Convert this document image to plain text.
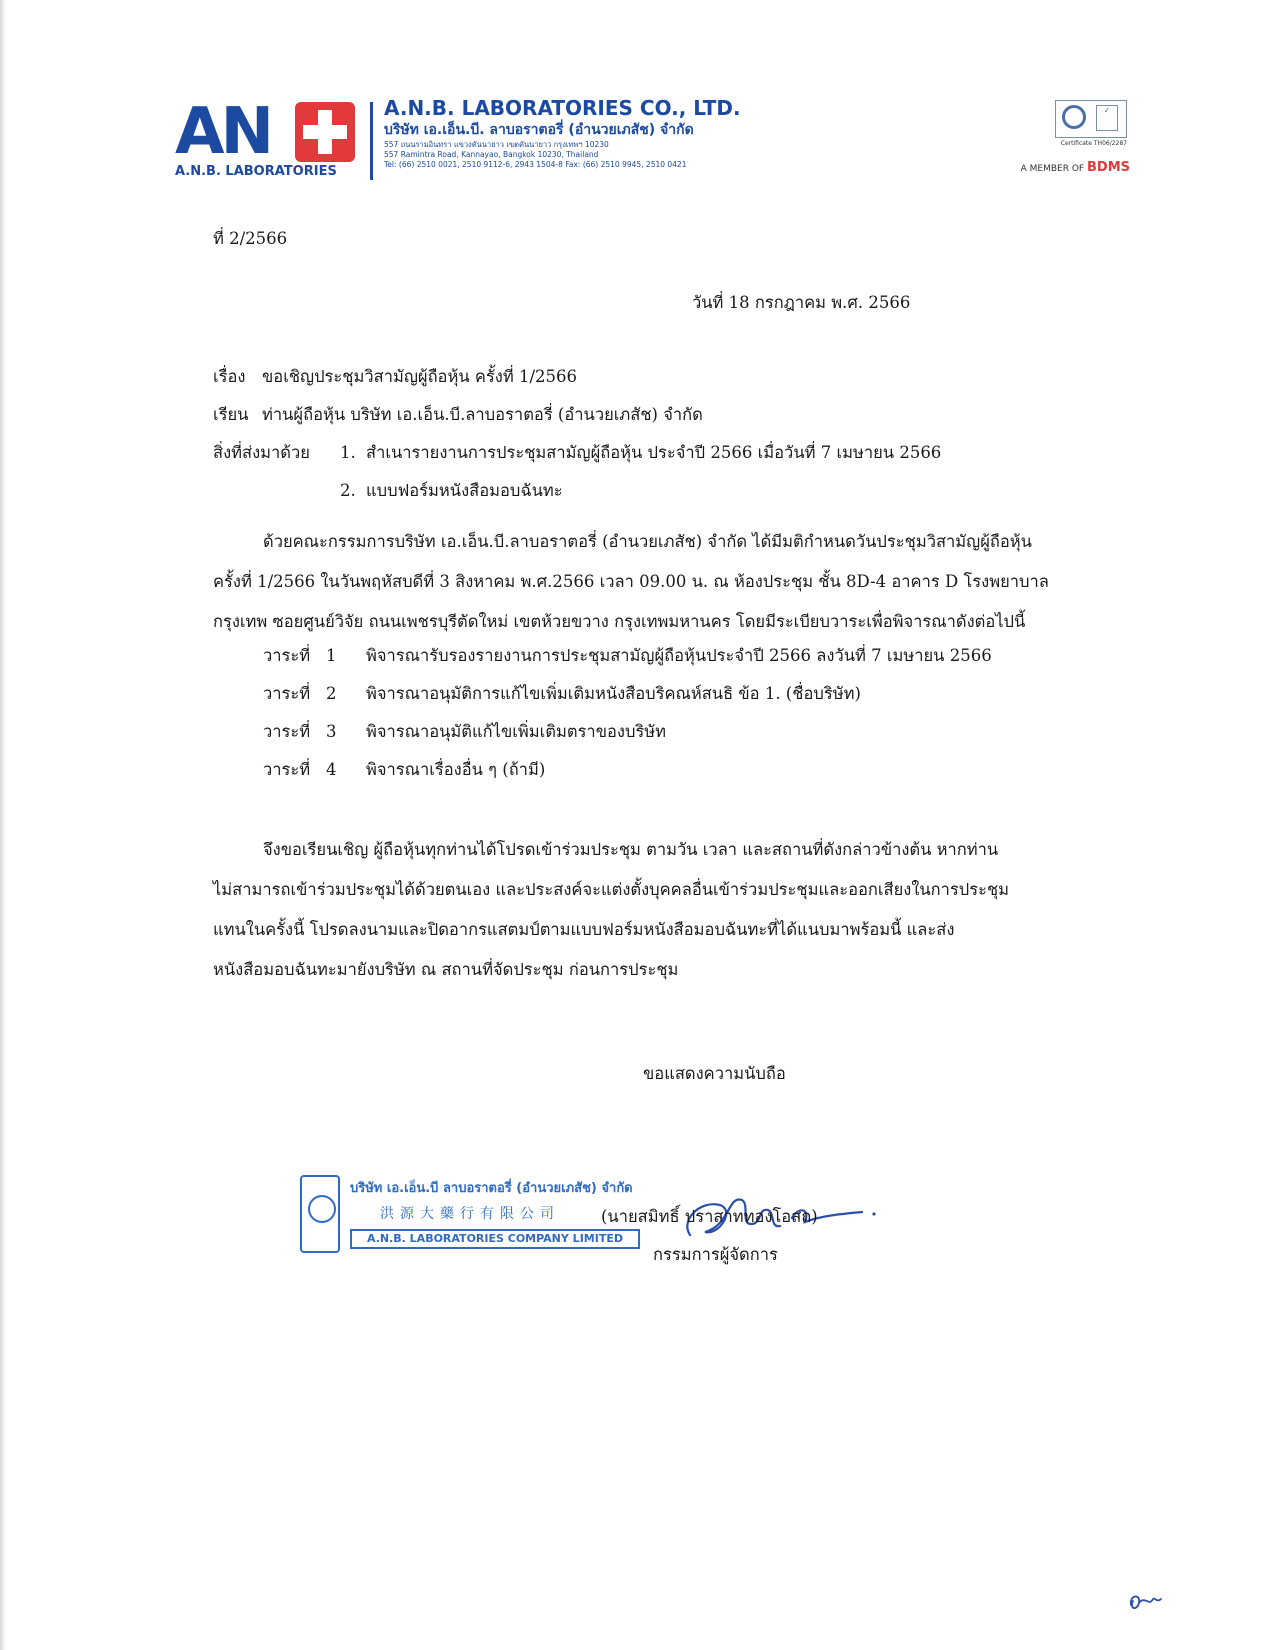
AN
A.N.B. LABORATORIES
A.N.B. LABORATORIES CO., LTD.
บริษัท เอ.เอ็น.บี. ลาบอราตอรี่ (อำนวยเภสัช) จำกัด
557 ถนนรามอินทรา แขวงคันนายาว เขตคันนายาว กรุงเทพฯ 10230
557 Ramintra Road, Kannayao, Bangkok 10230, Thailand
Tel: (66) 2510 0021, 2510 9112-6, 2943 1504-8 Fax: (66) 2510 9945, 2510 0421
✓
Certificate TH06/2287
A MEMBER OF BDMS
ที่ 2/2566
วันที่ 18 กรกฎาคม พ.ศ. 2566
เรื่อง ขอเชิญประชุมวิสามัญผู้ถือหุ้น ครั้งที่ 1/2566
เรียน ท่านผู้ถือหุ้น บริษัท เอ.เอ็น.บี.ลาบอราตอรี่ (อำนวยเภสัช) จำกัด
สิ่งที่ส่งมาด้วย 1. สำเนารายงานการประชุมสามัญผู้ถือหุ้น ประจำปี 2566 เมื่อวันที่ 7 เมษายน 2566
2. แบบฟอร์มหนังสือมอบฉันทะ
ด้วยคณะกรรมการบริษัท เอ.เอ็น.บี.ลาบอราตอรี่ (อำนวยเภสัช) จำกัด ได้มีมติกำหนดวันประชุมวิสามัญผู้ถือหุ้น
ครั้งที่ 1/2566 ในวันพฤหัสบดีที่ 3 สิงหาคม พ.ศ.2566 เวลา 09.00 น. ณ ห้องประชุม ชั้น 8D-4 อาคาร D โรงพยาบาล
กรุงเทพ ซอยศูนย์วิจัย ถนนเพชรบุรีตัดใหม่ เขตห้วยขวาง กรุงเทพมหานคร โดยมีระเบียบวาระเพื่อพิจารณาดังต่อไปนี้
วาระที่ 1 พิจารณารับรองรายงานการประชุมสามัญผู้ถือหุ้นประจำปี 2566 ลงวันที่ 7 เมษายน 2566
วาระที่ 2 พิจารณาอนุมัติการแก้ไขเพิ่มเติมหนังสือบริคณห์สนธิ ข้อ 1. (ชื่อบริษัท)
วาระที่ 3 พิจารณาอนุมัติแก้ไขเพิ่มเติมตราของบริษัท
วาระที่ 4 พิจารณาเรื่องอื่น ๆ (ถ้ามี)
จึงขอเรียนเชิญ ผู้ถือหุ้นทุกท่านได้โปรดเข้าร่วมประชุม ตามวัน เวลา และสถานที่ดังกล่าวข้างต้น หากท่าน
ไม่สามารถเข้าร่วมประชุมได้ด้วยตนเอง และประสงค์จะแต่งตั้งบุคคลอื่นเข้าร่วมประชุมและออกเสียงในการประชุม
แทนในครั้งนี้ โปรดลงนามและปิดอากรแสตมป์ตามแบบฟอร์มหนังสือมอบฉันทะที่ได้แนบมาพร้อมนี้ และส่ง
หนังสือมอบฉันทะมายังบริษัท ณ สถานที่จัดประชุม ก่อนการประชุม
ขอแสดงความนับถือ
บริษัท เอ.เอ็น.บี ลาบอราตอรี่ (อำนวยเภสัช) จำกัด
洪源大藥行有限公司
A.N.B. LABORATORIES COMPANY LIMITED
(นายสมิทธิ์ ปราสาททองโอสถ)
กรรมการผู้จัดการ
